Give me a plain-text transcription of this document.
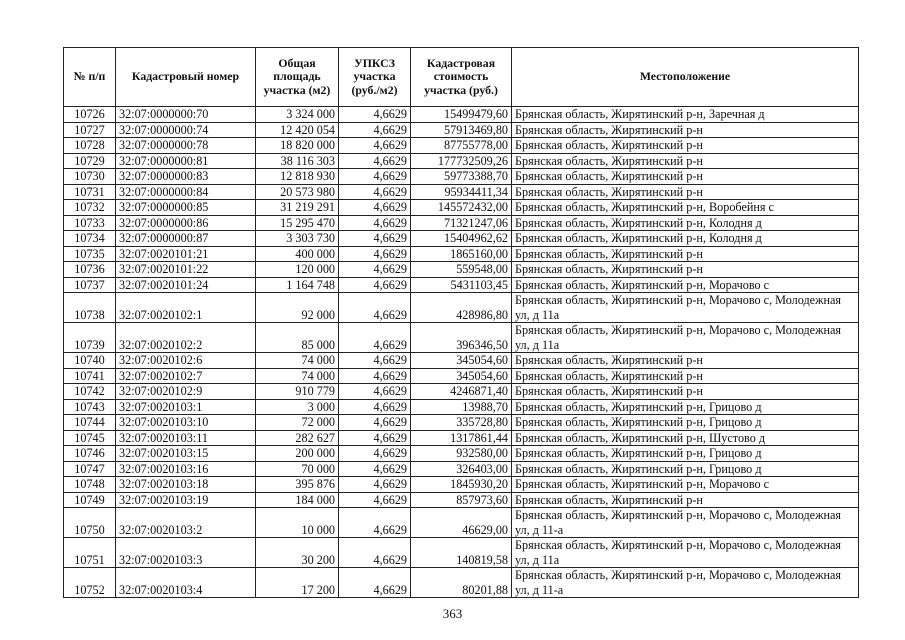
№ п/п	Кадастровый номер	Общая площадь участка (м2)	УПКСЗ участка (руб./м2)	Кадастровая стоимость участка (руб.)	Местоположение
10726	32:07:0000000:70	3 324 000	4,6629	15499479,60	Брянская область, Жирятинский р-н, Заречная д
10727	32:07:0000000:74	12 420 054	4,6629	57913469,80	Брянская область, Жирятинский р-н
10728	32:07:0000000:78	18 820 000	4,6629	87755778,00	Брянская область, Жирятинский р-н
10729	32:07:0000000:81	38 116 303	4,6629	177732509,26	Брянская область, Жирятинский р-н
10730	32:07:0000000:83	12 818 930	4,6629	59773388,70	Брянская область, Жирятинский р-н
10731	32:07:0000000:84	20 573 980	4,6629	95934411,34	Брянская область, Жирятинский р-н
10732	32:07:0000000:85	31 219 291	4,6629	145572432,00	Брянская область, Жирятинский р-н, Воробейня с
10733	32:07:0000000:86	15 295 470	4,6629	71321247,06	Брянская область, Жирятинский р-н, Колодня д
10734	32:07:0000000:87	3 303 730	4,6629	15404962,62	Брянская область, Жирятинский р-н, Колодня д
10735	32:07:0020101:21	400 000	4,6629	1865160,00	Брянская область, Жирятинский р-н
10736	32:07:0020101:22	120 000	4,6629	559548,00	Брянская область, Жирятинский р-н
10737	32:07:0020101:24	1 164 748	4,6629	5431103,45	Брянская область, Жирятинский р-н, Морачово с
10738	32:07:0020102:1	92 000	4,6629	428986,80	Брянская область, Жирятинский р-н, Морачово с, Молодежная ул, д 11а
10739	32:07:0020102:2	85 000	4,6629	396346,50	Брянская область, Жирятинский р-н, Морачово с, Молодежная ул, д 11а
10740	32:07:0020102:6	74 000	4,6629	345054,60	Брянская область, Жирятинский р-н
10741	32:07:0020102:7	74 000	4,6629	345054,60	Брянская область, Жирятинский р-н
10742	32:07:0020102:9	910 779	4,6629	4246871,40	Брянская область, Жирятинский р-н
10743	32:07:0020103:1	3 000	4,6629	13988,70	Брянская область, Жирятинский р-н, Грицово д
10744	32:07:0020103:10	72 000	4,6629	335728,80	Брянская область, Жирятинский р-н, Грицово д
10745	32:07:0020103:11	282 627	4,6629	1317861,44	Брянская область, Жирятинский р-н, Шустово д
10746	32:07:0020103:15	200 000	4,6629	932580,00	Брянская область, Жирятинский р-н, Грицово д
10747	32:07:0020103:16	70 000	4,6629	326403,00	Брянская область, Жирятинский р-н, Грицово д
10748	32:07:0020103:18	395 876	4,6629	1845930,20	Брянская область, Жирятинский р-н, Морачово с
10749	32:07:0020103:19	184 000	4,6629	857973,60	Брянская область, Жирятинский р-н
10750	32:07:0020103:2	10 000	4,6629	46629,00	Брянская область, Жирятинский р-н, Морачово с, Молодежная ул, д 11-а
10751	32:07:0020103:3	30 200	4,6629	140819,58	Брянская область, Жирятинский р-н, Морачово с, Молодежная ул, д 11а
10752	32:07:0020103:4	17 200	4,6629	80201,88	Брянская область, Жирятинский р-н, Морачово с, Молодежная ул, д 11-а
363
